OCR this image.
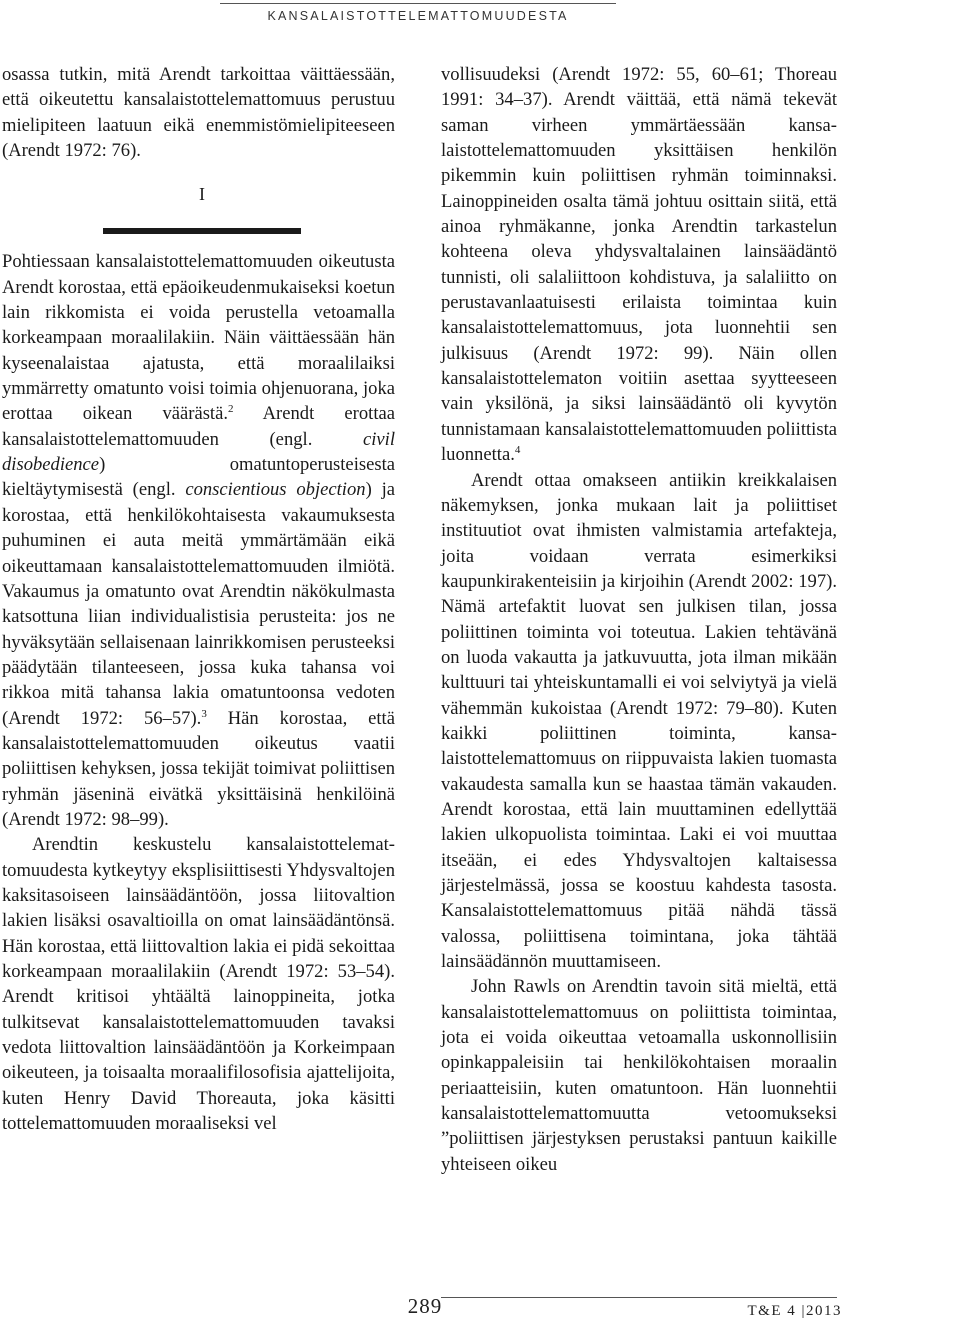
KANSALAISTOTTELEMATTOMUUDESTA

osassa tutkin, mitä Arendt tarkoittaa väittäessään, että oikeutettu kansalaistottelemattomuus perustuu mielipiteen laatuun eikä enemmistömielipiteeseen (Arendt 1972: 76).

I

Pohtiessaan kansalaistottelemattomuuden oikeutusta Arendt korostaa, että epäoikeudenmukaiseksi koetun lain rikkomista ei voida perustella vetoamalla korkeampaan moraalilakiin. Näin väittäessään hän kyseenalaistaa ajatusta, että moraalilaiksi ymmärretty omatunto voisi toimia ohjenuorana, joka erottaa oikean väärästä.$^2$ Arendt erottaa kansalaistottelemattomuuden (engl. civil disobedience) omatuntoperusteisesta kieltäytymisestä (engl. conscientious objection) ja korostaa, että henkilökohtaisesta vakaumuksesta puhuminen ei auta meitä ymmärtämään eikä oikeuttamaan kansalaistottelemattomuuden ilmiötä. Vakaumus ja omatunto ovat Arendtin näkökulmasta katsottuna liian individualistisia perusteita: jos ne hyväksytään sellaisenaan lainrikkomisen perusteeksi päädytään tilanteeseen, jossa kuka tahansa voi rikkoa mitä tahansa lakia omatuntoonsa vedoten (Arendt 1972: 56–57).$^3$ Hän korostaa, että kansalaistottelemattomuuden oikeutus vaatii poliittisen kehyksen, jossa tekijät toimivat poliittisen ryhmän jäseninä eivätkä yksittäisinä henkilöinä (Arendt 1972: 98–99).

Arendtin keskustelu kansalaistottelemattomuudesta kytkeytyy eksplisiittisesti Yhdysvaltojen kaksitasoiseen lainsäädäntöön, jossa liitovaltion lakien lisäksi osavaltioilla on omat lainsäädäntönsä. Hän korostaa, että liittovaltion lakia ei pidä sekoittaa korkeampaan moraalilakiin (Arendt 1972: 53–54). Arendt kritisoi yhtäältä lainoppineita, jotka tulkitsevat kansalaistottelemattomuuden tavaksi vedota liittovaltion lainsäädäntöön ja Korkeimpaan oikeuteen, ja toisaalta moraalifilosofisia ajattelijoita, kuten Henry David Thoreauta, joka käsitti tottelemattomuuden moraaliseksi vel

vollisuudeksi (Arendt 1972: 55, 60–61; Thoreau 1991: 34–37). Arendt väittää, että nämä tekevät saman virheen ymmärtäessään kansalaistottelemattomuuden yksittäisen henkilön pikemmin kuin poliittisen ryhmän toiminnaksi. Lainoppineiden osalta tämä johtuu osittain siitä, että ainoa ryhmäkanne, jonka Arendtin tarkastelun kohteena oleva yhdysvaltalainen lainsäädäntö tunnisti, oli salaliittoon kohdistuva, ja salaliitto on perustavanlaatuisesti erilaista toimintaa kuin kansalaistottelemattomuus, jota luonnehtii sen julkisuus (Arendt 1972: 99). Näin ollen kansalaistottelematon voitiin asettaa syytteeseen vain yksilönä, ja siksi lainsäädäntö oli kyvytön tunnistamaan kansalaistottelemattomuuden poliittista luonnetta.$^4$

Arendt ottaa omakseen antiikin kreikkalaisen näkemyksen, jonka mukaan lait ja poliittiset instituutiot ovat ihmisten valmistamia artefakteja, joita voidaan verrata esimerkiksi kaupunkirakenteisiin ja kirjoihin (Arendt 2002: 197). Nämä artefaktit luovat sen julkisen tilan, jossa poliittinen toiminta voi toteutua. Lakien tehtävänä on luoda vakautta ja jatkuvuutta, jota ilman mikään kulttuuri tai yhteiskuntamalli ei voi selviytyä ja vielä vähemmän kukoistaa (Arendt 1972: 79–80). Kuten kaikki poliittinen toiminta, kansalaistottelemattomuus on riippuvaista lakien tuomasta vakaudesta samalla kun se haastaa tämän vakauden. Arendt korostaa, että lain muuttaminen edellyttää lakien ulkopuolista toimintaa. Laki ei voi muuttaa itseään, ei edes Yhdysvaltojen kaltaisessa järjestelmässä, jossa se koostuu kahdesta tasosta. Kansalaistottelemattomuus pitää nähdä tässä valossa, poliittisena toimintana, joka tähtää lainsäädännön muuttamiseen.

John Rawls on Arendtin tavoin sitä mieltä, että kansalaistottelemattomuus on poliittista toimintaa, jota ei voida oikeuttaa vetoamalla uskonnollisiin opinkappaleisiin tai henkilökohtaisen moraalin periaatteisiin, kuten omatuntoon. Hän luonnehtii kansalaistottelemattomuutta vetoomukseksi ”poliittisen järjestyksen perustaksi pantuun kaikille yhteiseen oikeu

289	T&E 4 |2013
